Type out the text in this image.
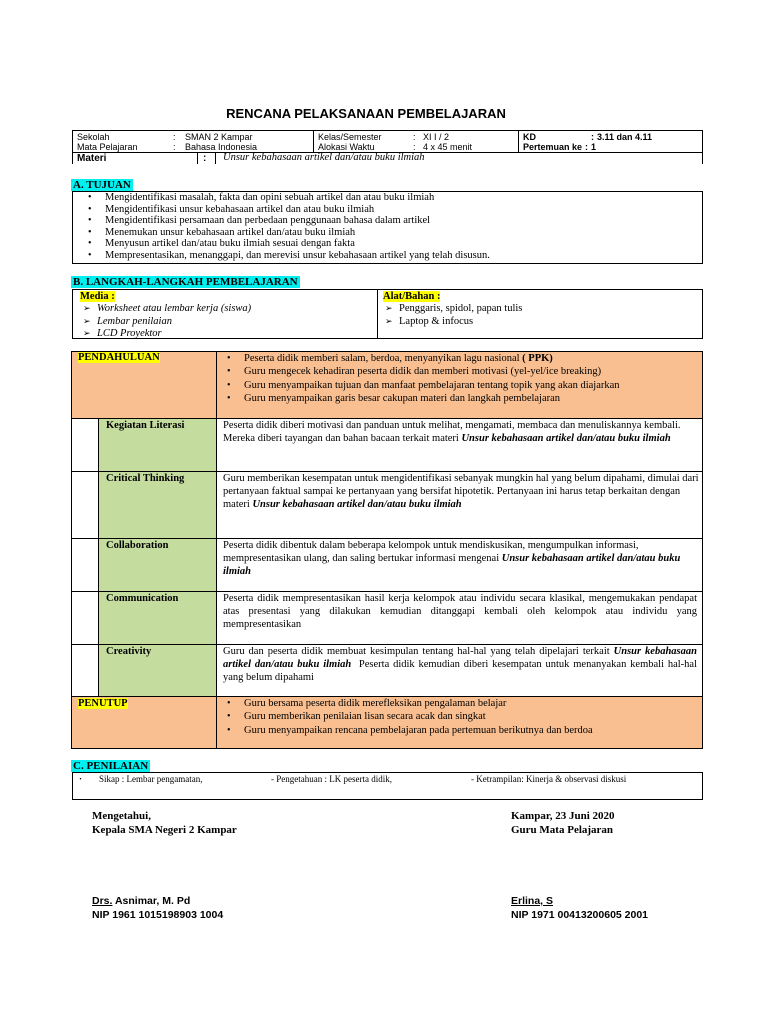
RENCANA PELAKSANAAN PEMBELAJARAN
Sekolah	: SMAN 2 Kampar
Mata Pelajaran	: Bahasa Indonesia
Kelas/Semester	: XI I / 2
Alokasi Waktu	: 4 x 45 menit
KD	: 3.11 dan 4.11
Pertemuan ke : 1
Materi	: Unsur kebahasaan artikel dan/atau buku ilmiah
A. TUJUAN
• Mengidentifikasi masalah, fakta dan opini sebuah artikel dan atau buku ilmiah
• Mengidentifikasi unsur kebahasaan artikel dan atau buku ilmiah
• Mengidentifikasi persamaan dan perbedaan penggunaan bahasa dalam artikel
• Menemukan unsur kebahasaan artikel dan/atau buku ilmiah
• Menyusun artikel dan/atau buku ilmiah sesuai dengan fakta
• Mempresentasikan, menanggapi, dan merevisi unsur kebahasaan artikel yang telah disusun.
B. LANGKAH-LANGKAH PEMBELAJARAN
Media :
➢ Worksheet atau lembar kerja (siswa)
➢ Lembar penilaian
➢ LCD Proyektor
Alat/Bahan :
➢ Penggaris, spidol, papan tulis
➢ Laptop & infocus
PENDAHULUAN	• Peserta didik memberi salam, berdoa, menyanyikan lagu nasional ( PPK)
• Guru mengecek kehadiran peserta didik dan memberi motivasi (yel-yel/ice breaking)
• Guru menyampaikan tujuan dan manfaat pembelajaran tentang topik yang akan diajarkan
• Guru menyampaikan garis besar cakupan materi dan langkah pembelajaran
Kegiatan Literasi	Peserta didik diberi motivasi dan panduan untuk melihat, mengamati, membaca dan menuliskannya kembali. Mereka diberi tayangan dan bahan bacaan terkait materi Unsur kebahasaan artikel dan/atau buku ilmiah
Critical Thinking	Guru memberikan kesempatan untuk mengidentifikasi sebanyak mungkin hal yang belum dipahami, dimulai dari pertanyaan faktual sampai ke pertanyaan yang bersifat hipotetik. Pertanyaan ini harus tetap berkaitan dengan materi Unsur kebahasaan artikel dan/atau buku ilmiah
Collaboration	Peserta didik dibentuk dalam beberapa kelompok untuk mendiskusikan, mengumpulkan informasi, mempresentasikan ulang, dan saling bertukar informasi mengenai Unsur kebahasaan artikel dan/atau buku ilmiah
Communication	Peserta didik mempresentasikan hasil kerja kelompok atau individu secara klasikal, mengemukakan pendapat atas presentasi yang dilakukan kemudian ditanggapi kembali oleh kelompok atau individu yang mempresentasikan
Creativity	Guru dan peserta didik membuat kesimpulan tentang hal-hal yang telah dipelajari terkait Unsur kebahasaan artikel dan/atau buku ilmiah Peserta didik kemudian diberi kesempatan untuk menanyakan kembali hal-hal yang belum dipahami
PENUTUP	• Guru bersama peserta didik merefleksikan pengalaman belajar
• Guru memberikan penilaian lisan secara acak dan singkat
• Guru menyampaikan rencana pembelajaran pada pertemuan berikutnya dan berdoa
C. PENILAIAN
· Sikap : Lembar pengamatan,	- Pengetahuan : LK peserta didik,	- Ketrampilan: Kinerja & observasi diskusi
Mengetahui,
Kepala SMA Negeri 2 Kampar
Kampar, 23 Juni 2020
Guru Mata Pelajaran
Drs. Asnimar, M. Pd
NIP 1961 1015198903 1004
Erlina, S
NIP 1971 00413200605 2001
